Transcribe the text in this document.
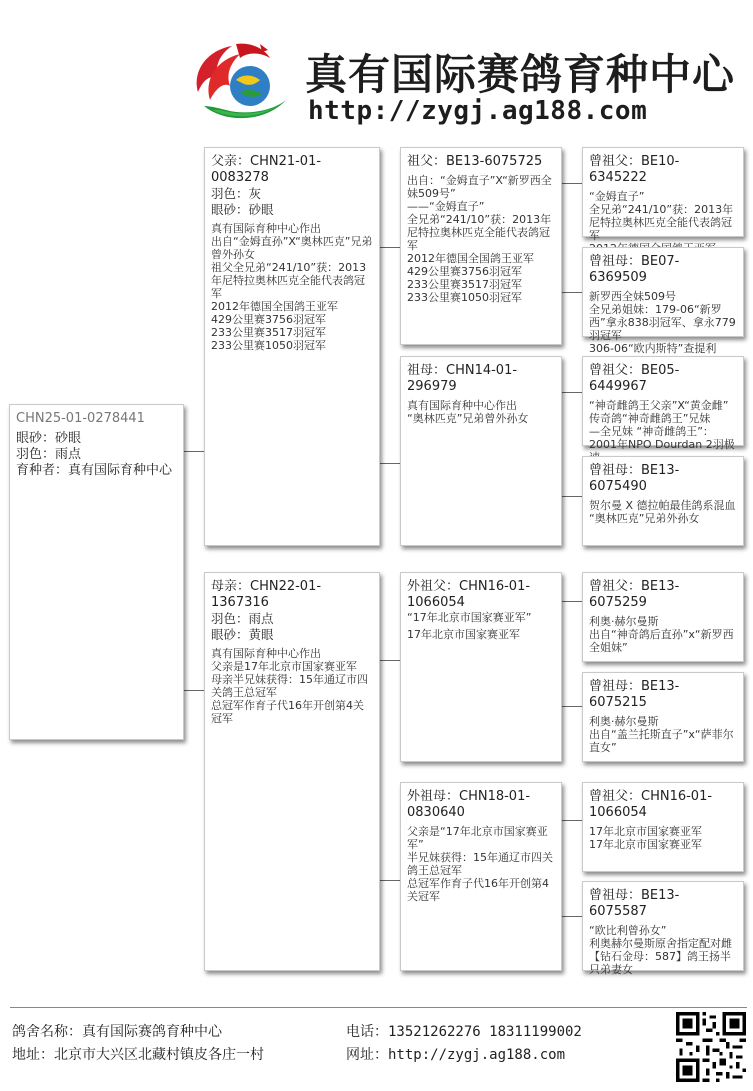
真有国际赛鸽育种中心
http://zygj.ag188.com
CHN25-01-0278441
眼砂：砂眼
羽色：雨点
育种者：真有国际育种中心
父亲：CHN21-01-0083278
羽色：灰
眼砂：砂眼
真有国际育种中心作出
出自“金姆直孙”X“奥林匹克”兄弟曾外孙女
祖父全兄弟“241/10”获：2013年尼特拉奥林匹克全能代表鸽冠军
2012年德国全国鸽王亚军
429公里赛3756羽冠军
233公里赛3517羽冠军
233公里赛1050羽冠军
母亲：CHN22-01-1367316
羽色：雨点
眼砂：黄眼
真有国际育种中心作出
父亲是17年北京市国家赛亚军
母亲半兄妹获得：15年通辽市四关鸽王总冠军
总冠军作育子代16年开创第4关冠军
祖父：BE13-6075725
出自：“金姆直子”X“新罗西全妹509号”
——“金姆直子”
全兄弟“241/10”获：2013年尼特拉奥林匹克全能代表鸽冠军
2012年德国全国鸽王亚军
429公里赛3756羽冠军
233公里赛3517羽冠军
233公里赛1050羽冠军
祖母：CHN14-01-296979
真有国际育种中心作出
“奥林匹克”兄弟曾外孙女
外祖父：CHN16-01-1066054
“17年北京市国家赛亚军”
17年北京市国家赛亚军
外祖母：CHN18-01-0830640
父亲是“17年北京市国家赛亚军”
半兄妹获得：15年通辽市四关鸽王总冠军
总冠军作育子代16年开创第4关冠军
曾祖父：BE10-6345222
“金姆直子”
全兄弟“241/10”获：2013年尼特拉奥林匹克全能代表鸽冠军

曾祖母：BE07-6369509
新罗西全妹509号
全兄弟姐妹：179-06“新罗西”拿永838羽冠军、拿永779羽冠军
306-06“欧内斯特”查提利
曾祖父：BE05-6449967
“神奇雌鸽王父亲”X“黄金雌”
传奇鸽“神奇雌鸽王”兄妹
—全兄妹 “神奇雌鸽王”：
2001年NPO Dourdan 2羽极
曾祖母：BE13-6075490
贺尔曼 X 德拉帕最佳鸽系混血
“奥林匹克”兄弟外孙女
曾祖父：BE13-6075259
利奥·赫尔曼斯
出自“神奇鸽后直孙”x“新罗西全姐妹”
曾祖母：BE13-6075215
利奥·赫尔曼斯
出自“盖兰托斯直子”x“萨菲尔直女”
曾祖父：CHN16-01-1066054
17年北京市国家赛亚军
17年北京市国家赛亚军
曾祖母：BE13-6075587
“欧比利曾孙女”
利奥赫尔曼斯原舍指定配对雌
【钻石金母：587】鸽王扬半只弟妻女
鸽舍名称：真有国际赛鸽育种中心
地址：北京市大兴区北藏村镇皮各庄一村
电话：13521262276 18311199002
网址：http://zygj.ag188.com
